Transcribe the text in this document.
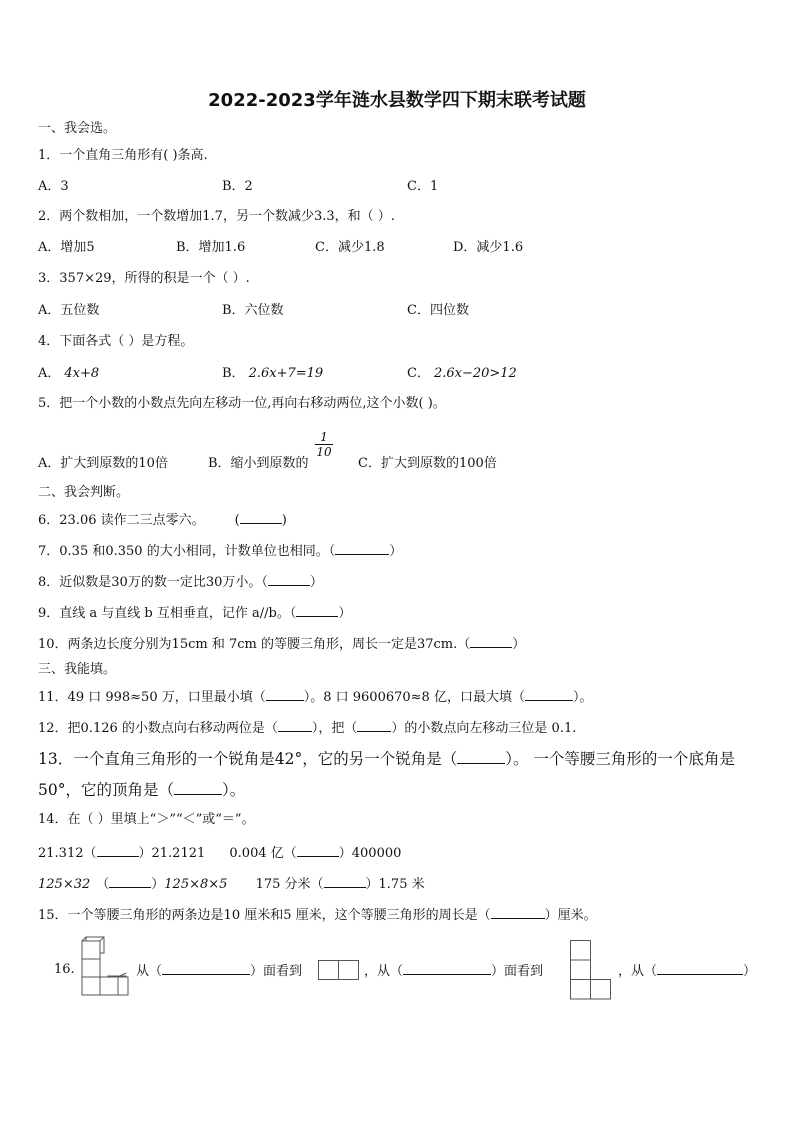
2022-2023学年涟水县数学四下期末联考试题
一、我会选。
1．一个直角三角形有( )条高.
A．3	B．2	C．1
2．两个数相加，一个数增加1.7，另一个数减少3.3，和（ ）.
A．增加5	B．增加1.6	C．减少1.8	D．减少1.6
3．357×29，所得的积是一个（ ）.
A．五位数	B．六位数	C．四位数
4．下面各式（ ）是方程。
A． 4x+8	B． 2.6x+7=19	C． 2.6x−20>12
5．把一个小数的小数点先向左移动一位,再向右移动两位,这个小数( )。
A．扩大到原数的10倍	B．缩小到原数的
$\frac{1}{10}$
C．扩大到原数的100倍
二、我会判断。
6．23.06 读作二三点零六。 (	)
7．0.35 和0.350 的大小相同，计数单位也相同。（	）
8．近似数是30万的数一定比30万小。（	）
9．直线 a 与直线 b 互相垂直，记作 a//b。（	）
10．两条边长度分别为15cm 和 7cm 的等腰三角形，周长一定是37cm.（	）
三、我能填。
11．49 口 998≈50 万，口里最小填（	）。8 口 9600670≈8 亿，口最大填（	）。
12．把0.126 的小数点向右移动两位是（	），把（	）的小数点向左移动三位是 0.1.
13．一个直角三角形的一个锐角是42°，它的另一个锐角是（	）。 一个等腰三角形的一个底角是
50°，它的顶角是（	）。
14．在（ ）里填上“＞”“＜”或“＝”。
21.312（	）21.2121 0.004 亿（	）400000
125×32 （	）125×8×5 175 分米（	）1.75 米
15．一个等腰三角形的两条边是10 厘米和5 厘米，这个等腰三角形的周长是（	）厘米。
16.	从（	）面看到	，从（	）面看到	，从（	）
